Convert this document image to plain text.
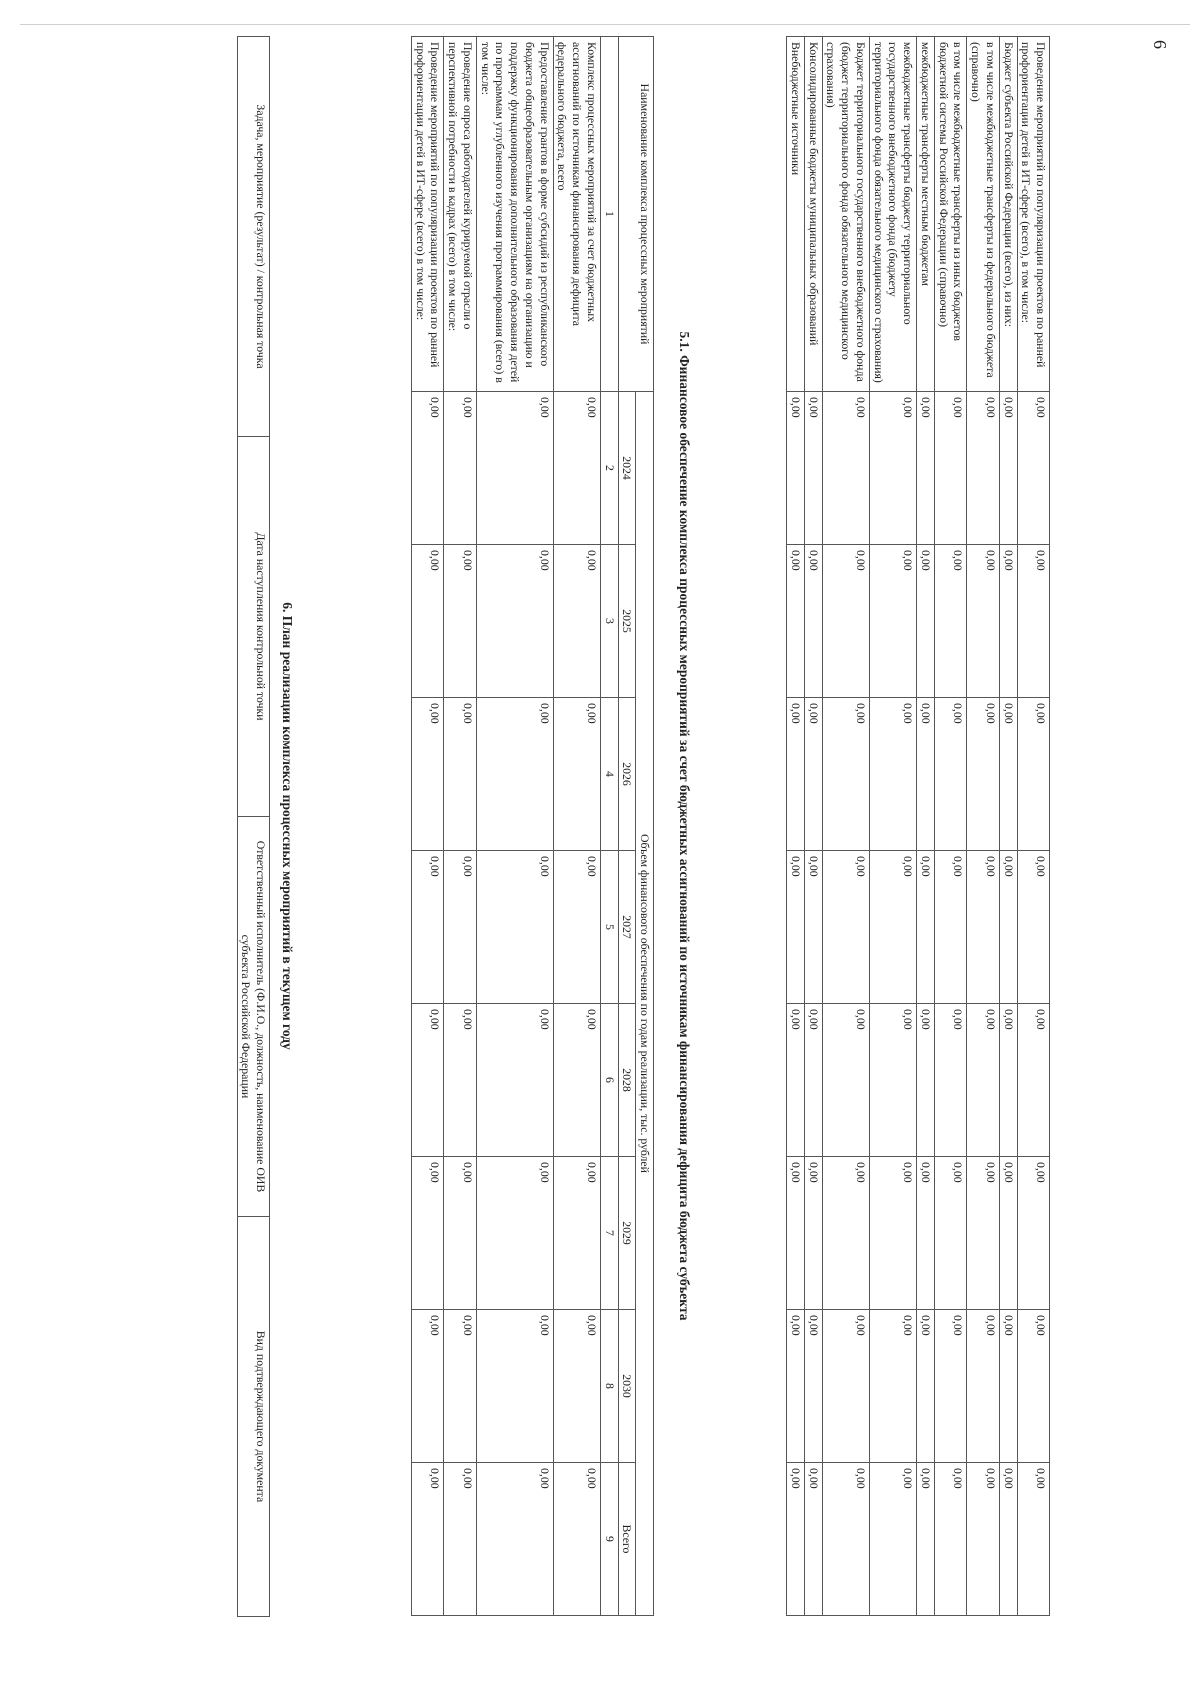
6
Проведение мероприятий по популяризации проектов по ранней профориентации детей в ИТ-сфере (всего), в том числе:	0,00	0,00	0,00	0,00	0,00	0,00	0,00	0,00
Бюджет субъекта Российской Федерации (всего), из них:	0,00	0,00	0,00	0,00	0,00	0,00	0,00	0,00
в том числе межбюджетные трансферты из федерального бюджета (справочно)	0,00	0,00	0,00	0,00	0,00	0,00	0,00	0,00
в том числе межбюджетные трансферты из иных бюджетов бюджетной системы Российской Федерации (справочно)	0,00	0,00	0,00	0,00	0,00	0,00	0,00	0,00
межбюджетные трансферты местным бюджетам	0,00	0,00	0,00	0,00	0,00	0,00	0,00	0,00
межбюджетные трансферты бюджету территориального государственного внебюджетного фонда (бюджету территориального фонда обязательного медицинского страхования)	0,00	0,00	0,00	0,00	0,00	0,00	0,00	0,00
Бюджет территориального государственного внебюджетного фонда (бюджет территориального фонда обязательного медицинского страхования)	0,00	0,00	0,00	0,00	0,00	0,00	0,00	0,00
Консолидированные бюджеты муниципальных образований	0,00	0,00	0,00	0,00	0,00	0,00	0,00	0,00
Внебюджетные источники	0,00	0,00	0,00	0,00	0,00	0,00	0,00	0,00
5.1. Финансовое обеспечение комплекса процессных мероприятий за счет бюджетных ассигнований по источникам финансирования дефицита бюджета субъекта
Наименование комплекса процессных мероприятий	Объем финансового обеспечения по годам реализации, тыс. рублей							
	2024	2025	2026	2027	2028	2029	2030	Всего
1	2	3	4	5	6	7	8	9
Комплекс процессных мероприятий за счет бюджетных ассигнований по источникам финансирования дефицита федерального бюджета, всего	0,00	0,00	0,00	0,00	0,00	0,00	0,00	0,00
Предоставление грантов в форме субсидий из республиканского бюджета общеобразовательным организациям на организацию и поддержку функционирования дополнительного образования детей по программам углубленного изучения программирования (всего) в том числе:	0,00	0,00	0,00	0,00	0,00	0,00	0,00	0,00
Проведение опроса работодателей курируемой отрасли о перспективной потребности в кадрах (всего) в том числе:	0,00	0,00	0,00	0,00	0,00	0,00	0,00	0,00
Проведение мероприятий по популяризации проектов по ранней профориентации детей в ИТ-сфере (всего) в том числе:	0,00	0,00	0,00	0,00	0,00	0,00	0,00	0,00
6. План реализации комплекса процессных мероприятий в текущем году
Задача, мероприятие (результат) / контрольная точка	Дата наступления контрольной точки	Ответственный исполнитель (Ф.И.О., должность, наименование ОИВ субъекта Российской Федерации	Вид подтверждающего документа
